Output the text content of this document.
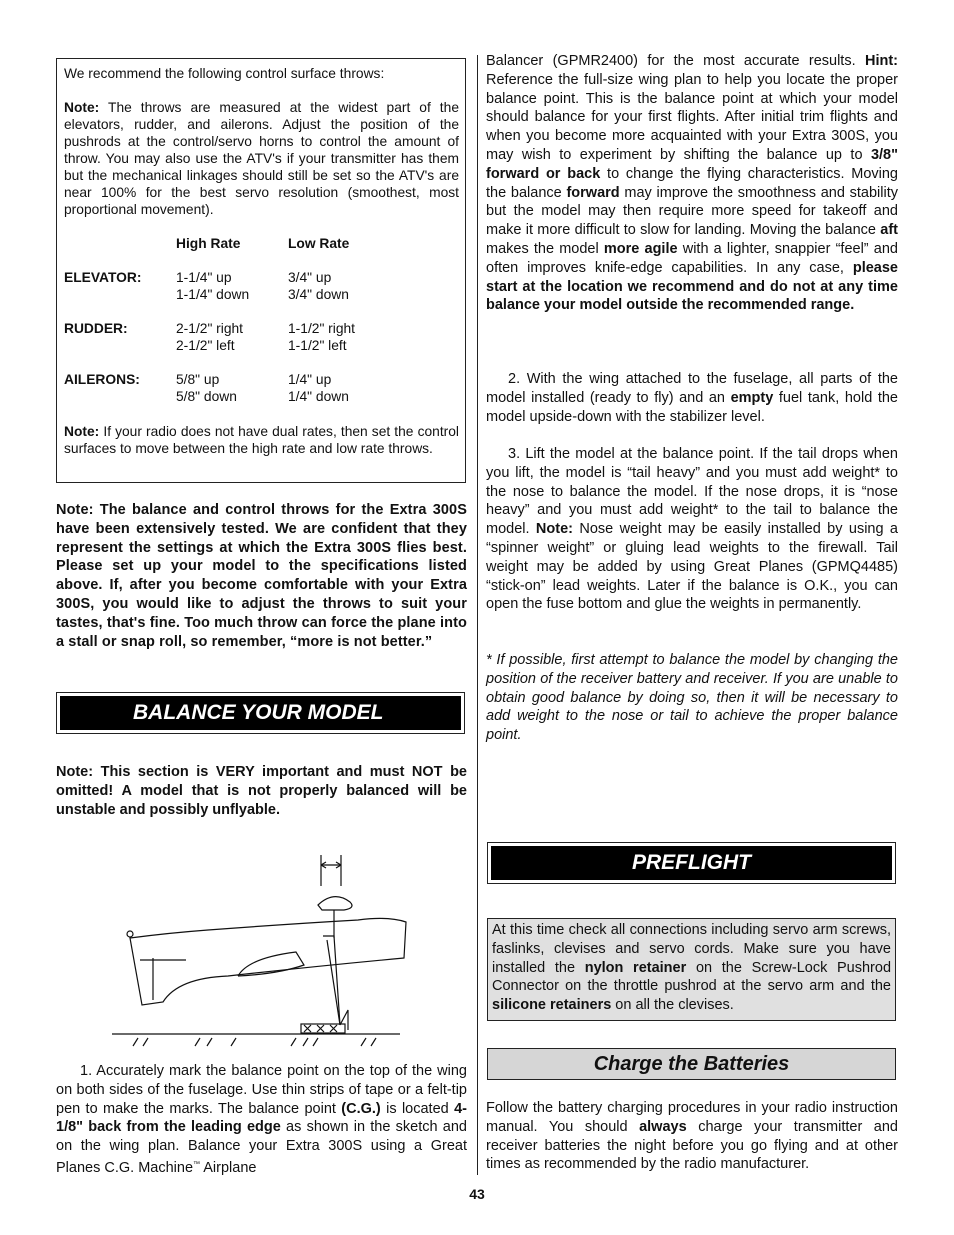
We recommend the following control surface throws:

Note: The throws are measured at the widest part of the elevators, rudder, and ailerons. Adjust the position of the pushrods at the control/servo horns to control the amount of throw. You may also use the ATV's if your transmitter has them but the mechanical linkages should still be set so the ATV's are near 100% for the best servo resolution (smoothest, most proportional movement).

	High Rate	Low Rate

ELEVATOR:	1-1/4" up	3/4" up
	1-1/4" down	3/4" down

RUDDER:	2-1/2" right	1-1/2" right
	2-1/2" left	1-1/2" left

AILERONS:	5/8" up	1/4" up
	5/8" down	1/4" down

Note: If your radio does not have dual rates, then set the control surfaces to move between the high rate and low rate throws.

Note: The balance and control throws for the Extra 300S have been extensively tested. We are confident that they represent the settings at which the Extra 300S flies best. Please set up your model to the specifications listed above. If, after you become comfortable with your Extra 300S, you would like to adjust the throws to suit your tastes, that's fine. Too much throw can force the plane into a stall or snap roll, so remember, “more is not better.”

BALANCE YOUR MODEL

Note: This section is VERY important and must NOT be omitted! A model that is not properly balanced will be unstable and possibly unflyable.

1. Accurately mark the balance point on the top of the wing on both sides of the fuselage. Use thin strips of tape or a felt-tip pen to make the marks. The balance point (C.G.) is located 4-1/8" back from the leading edge as shown in the sketch and on the wing plan. Balance your Extra 300S using a Great Planes C.G. Machine™ Airplane

Balancer (GPMR2400) for the most accurate results. Hint: Reference the full-size wing plan to help you locate the proper balance point. This is the balance point at which your model should balance for your first flights. After initial trim flights and when you become more acquainted with your Extra 300S, you may wish to experiment by shifting the balance up to 3/8" forward or back to change the flying characteristics. Moving the balance forward may improve the smoothness and stability but the model may then require more speed for takeoff and make it more difficult to slow for landing. Moving the balance aft makes the model more agile with a lighter, snappier “feel” and often improves knife-edge capabilities. In any case, please start at the location we recommend and do not at any time balance your model outside the recommended range.

2. With the wing attached to the fuselage, all parts of the model installed (ready to fly) and an empty fuel tank, hold the model upside-down with the stabilizer level.

3. Lift the model at the balance point. If the tail drops when you lift, the model is “tail heavy” and you must add weight* to the nose to balance the model. If the nose drops, it is “nose heavy” and you must add weight* to the tail to balance the model. Note: Nose weight may be easily installed by using a “spinner weight” or gluing lead weights to the firewall. Tail weight may be added by using Great Planes (GPMQ4485) “stick-on” lead weights. Later if the balance is O.K., you can open the fuse bottom and glue the weights in permanently.

* If possible, first attempt to balance the model by changing the position of the receiver battery and receiver. If you are unable to obtain good balance by doing so, then it will be necessary to add weight to the nose or tail to achieve the proper balance point.

PREFLIGHT

At this time check all connections including servo arm screws, faslinks, clevises and servo cords. Make sure you have installed the nylon retainer on the Screw-Lock Pushrod Connector on the throttle pushrod at the servo arm and the silicone retainers on all the clevises.

Charge the Batteries

Follow the battery charging procedures in your radio instruction manual. You should always charge your transmitter and receiver batteries the night before you go flying and at other times as recommended by the radio manufacturer.

43
